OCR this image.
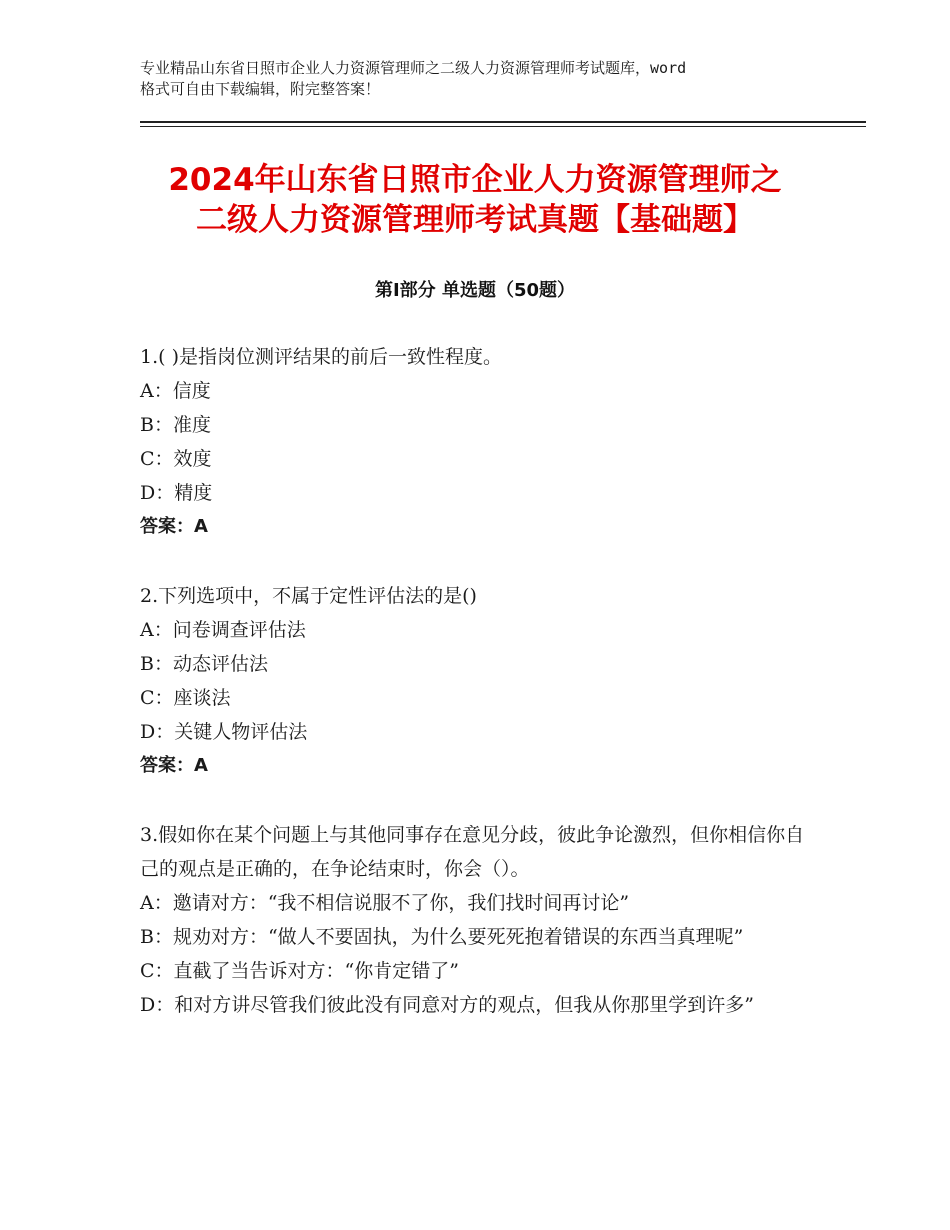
专业精品山东省日照市企业人力资源管理师之二级人力资源管理师考试题库，word
格式可自由下载编辑，附完整答案！
2024年山东省日照市企业人力资源管理师之
二级人力资源管理师考试真题【基础题】
第Ⅰ部分 单选题（50题）
1.( )是指岗位测评结果的前后一致性程度。
A：信度
B：准度
C：效度
D：精度
答案：A
2.下列选项中，不属于定性评估法的是()
A：问卷调查评估法
B：动态评估法
C：座谈法
D：关键人物评估法
答案：A
3.假如你在某个问题上与其他同事存在意见分歧，彼此争论激烈，但你相信你自己的观点是正确的，在争论结束时，你会（）。
A：邀请对方：“我不相信说服不了你，我们找时间再讨论”
B：规劝对方：“做人不要固执，为什么要死死抱着错误的东西当真理呢”
C：直截了当告诉对方：“你肯定错了”
D：和对方讲尽管我们彼此没有同意对方的观点，但我从你那里学到许多”
